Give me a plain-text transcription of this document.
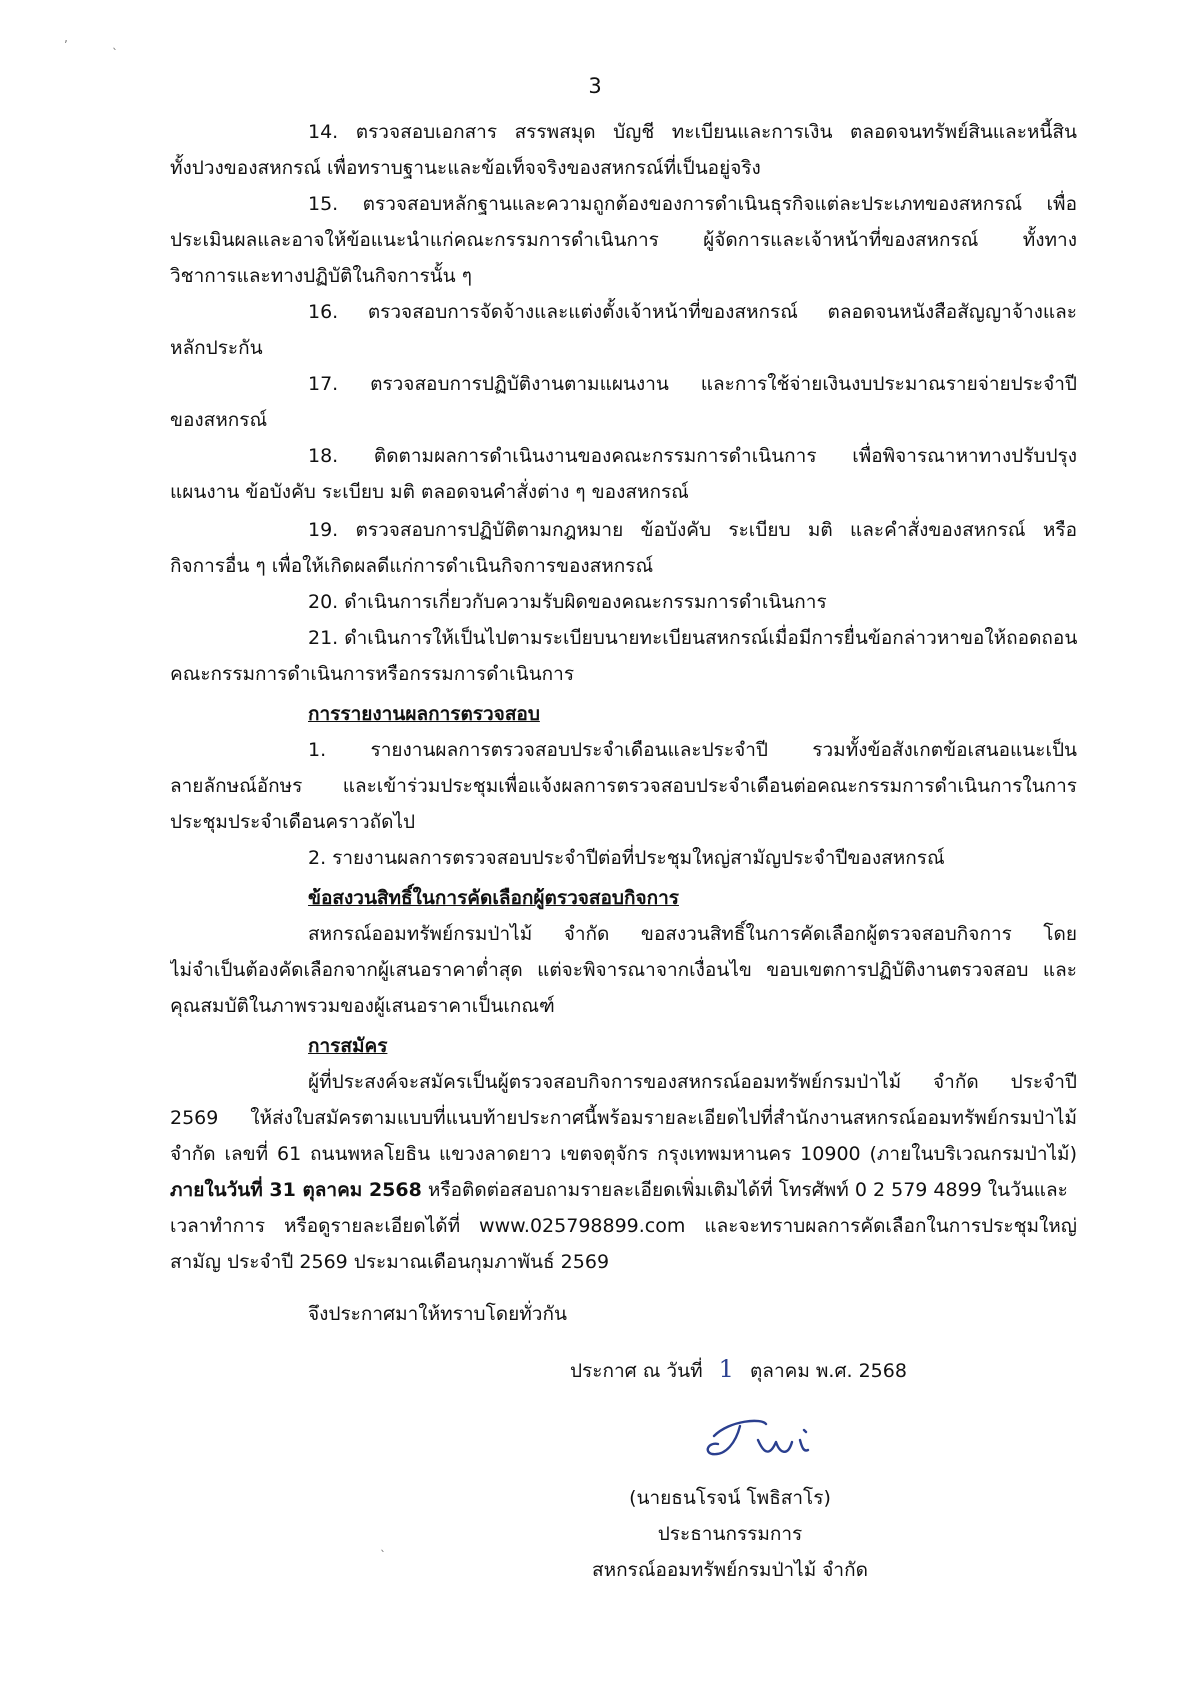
ʼ	ˎ
3
14. ตรวจสอบเอกสาร สรรพสมุด บัญชี ทะเบียนและการเงิน ตลอดจนทรัพย์สินและหนี้สิน
ทั้งปวงของสหกรณ์ เพื่อทราบฐานะและข้อเท็จจริงของสหกรณ์ที่เป็นอยู่จริง
15. ตรวจสอบหลักฐานและความถูกต้องของการดำเนินธุรกิจแต่ละประเภทของสหกรณ์ เพื่อ
ประเมินผลและอาจให้ข้อแนะนำแก่คณะกรรมการดำเนินการ ผู้จัดการและเจ้าหน้าที่ของสหกรณ์ ทั้งทาง
วิชาการและทางปฏิบัติในกิจการนั้น ๆ
16. ตรวจสอบการจัดจ้างและแต่งตั้งเจ้าหน้าที่ของสหกรณ์ ตลอดจนหนังสือสัญญาจ้างและ
หลักประกัน
17. ตรวจสอบการปฏิบัติงานตามแผนงาน และการใช้จ่ายเงินงบประมาณรายจ่ายประจำปี
ของสหกรณ์
18. ติดตามผลการดำเนินงานของคณะกรรมการดำเนินการ เพื่อพิจารณาหาทางปรับปรุง
แผนงาน ข้อบังคับ ระเบียบ มติ ตลอดจนคำสั่งต่าง ๆ ของสหกรณ์
19. ตรวจสอบการปฏิบัติตามกฎหมาย ข้อบังคับ ระเบียบ มติ และคำสั่งของสหกรณ์ หรือ
กิจการอื่น ๆ เพื่อให้เกิดผลดีแก่การดำเนินกิจการของสหกรณ์
20. ดำเนินการเกี่ยวกับความรับผิดของคณะกรรมการดำเนินการ
21. ดำเนินการให้เป็นไปตามระเบียบนายทะเบียนสหกรณ์เมื่อมีการยื่นข้อกล่าวหาขอให้ถอดถอน
คณะกรรมการดำเนินการหรือกรรมการดำเนินการ
การรายงานผลการตรวจสอบ
1. รายงานผลการตรวจสอบประจำเดือนและประจำปี รวมทั้งข้อสังเกตข้อเสนอแนะเป็น
ลายลักษณ์อักษร และเข้าร่วมประชุมเพื่อแจ้งผลการตรวจสอบประจำเดือนต่อคณะกรรมการดำเนินการในการ
ประชุมประจำเดือนคราวถัดไป
2. รายงานผลการตรวจสอบประจำปีต่อที่ประชุมใหญ่สามัญประจำปีของสหกรณ์
ข้อสงวนสิทธิ์ในการคัดเลือกผู้ตรวจสอบกิจการ
สหกรณ์ออมทรัพย์กรมป่าไม้ จำกัด ขอสงวนสิทธิ์ในการคัดเลือกผู้ตรวจสอบกิจการ โดย
ไม่จำเป็นต้องคัดเลือกจากผู้เสนอราคาต่ำสุด แต่จะพิจารณาจากเงื่อนไข ขอบเขตการปฏิบัติงานตรวจสอบ และ
คุณสมบัติในภาพรวมของผู้เสนอราคาเป็นเกณฑ์
การสมัคร
ผู้ที่ประสงค์จะสมัครเป็นผู้ตรวจสอบกิจการของสหกรณ์ออมทรัพย์กรมป่าไม้ จำกัด ประจำปี
2569 ให้ส่งใบสมัครตามแบบที่แนบท้ายประกาศนี้พร้อมรายละเอียดไปที่สำนักงานสหกรณ์ออมทรัพย์กรมป่าไม้
จำกัด เลขที่ 61 ถนนพหลโยธิน แขวงลาดยาว เขตจตุจักร กรุงเทพมหานคร 10900 (ภายในบริเวณกรมป่าไม้)
ภายในวันที่ 31 ตุลาคม 2568 หรือติดต่อสอบถามรายละเอียดเพิ่มเติมได้ที่ โทรศัพท์ 0 2 579 4899 ในวันและ
เวลาทำการ หรือดูรายละเอียดได้ที่ www.025798899.com และจะทราบผลการคัดเลือกในการประชุมใหญ่
สามัญ ประจำปี 2569 ประมาณเดือนกุมภาพันธ์ 2569
จึงประกาศมาให้ทราบโดยทั่วกัน
ประกาศ ณ วันที่ 1 ตุลาคม พ.ศ. 2568
(นายธนโรจน์ โพธิสาโร)
ประธานกรรมการ
สหกรณ์ออมทรัพย์กรมป่าไม้ จำกัด
ˎ
